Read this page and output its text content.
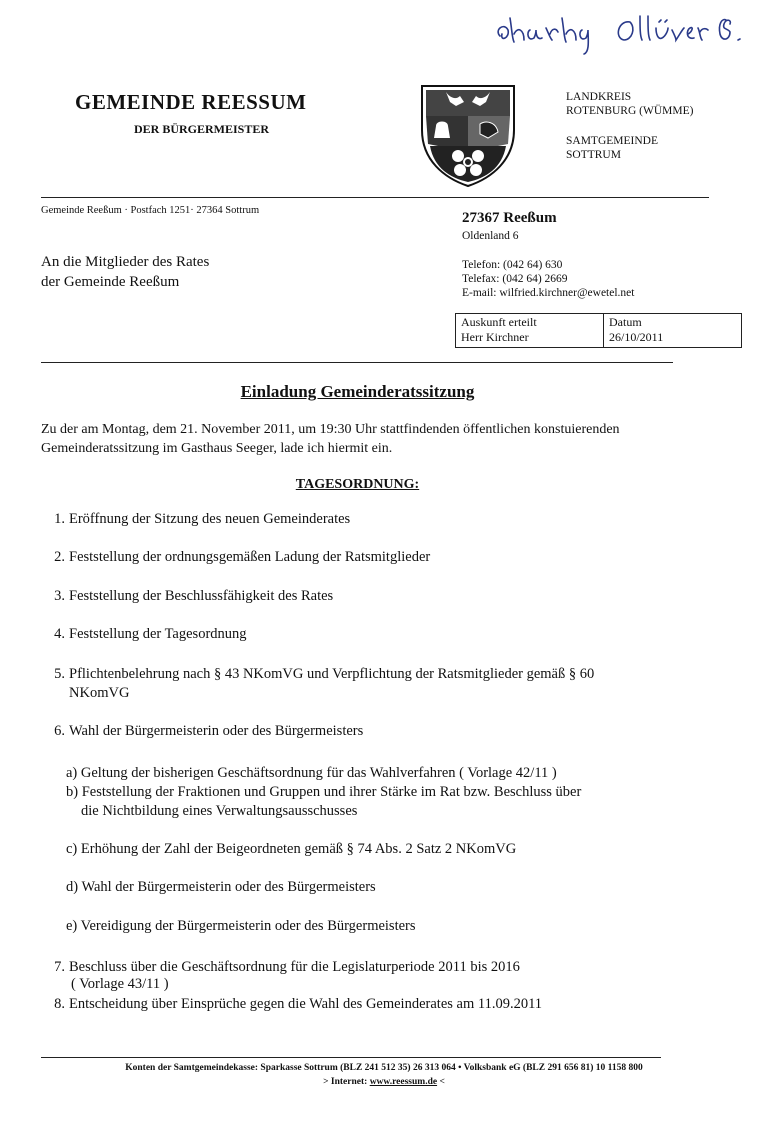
GEMEINDE REESSUM
DER BÜRGERMEISTER
LANDKREIS
ROTENBURG (WÜMME)
SAMTGEMEINDE
SOTTRUM
Gemeinde Reeßum · Postfach 1251· 27364 Sottrum
An die Mitglieder des Rates
der Gemeinde Reeßum
27367 Reeßum
Oldenland 6
Telefon: (042 64) 630
Telefax: (042 64) 2669
E-mail: wilfried.kirchner@ewetel.net
Auskunft erteilt
Herr Kirchner
Datum
26/10/2011
Einladung Gemeinderatssitzung
Zu der am Montag, dem 21. November 2011, um 19:30 Uhr stattfindenden öffentlichen konstuierenden
Gemeinderatssitzung im Gasthaus Seeger, lade ich hiermit ein.
TAGESORDNUNG:
1. Eröffnung der Sitzung des neuen Gemeinderates
2. Feststellung der ordnungsgemäßen Ladung der Ratsmitglieder
3. Feststellung der Beschlussfähigkeit des Rates
4. Feststellung der Tagesordnung
5. Pflichtenbelehrung nach § 43 NKomVG und Verpflichtung der Ratsmitglieder gemäß § 60
NKomVG
6. Wahl der Bürgermeisterin oder des Bürgermeisters
a) Geltung der bisherigen Geschäftsordnung für das Wahlverfahren ( Vorlage 42/11 )
b) Feststellung der Fraktionen und Gruppen und ihrer Stärke im Rat bzw. Beschluss über
die Nichtbildung eines Verwaltungsausschusses
c) Erhöhung der Zahl der Beigeordneten gemäß § 74 Abs. 2 Satz 2 NKomVG
d) Wahl der Bürgermeisterin oder des Bürgermeisters
e) Vereidigung der Bürgermeisterin oder des Bürgermeisters
7. Beschluss über die Geschäftsordnung für die Legislaturperiode 2011 bis 2016
( Vorlage 43/11 )
8. Entscheidung über Einsprüche gegen die Wahl des Gemeinderates am 11.09.2011
Konten der Samtgemeindekasse: Sparkasse Sottrum (BLZ 241 512 35) 26 313 064 • Volksbank eG (BLZ 291 656 81) 10 1158 800
> Internet: www.reessum.de <
